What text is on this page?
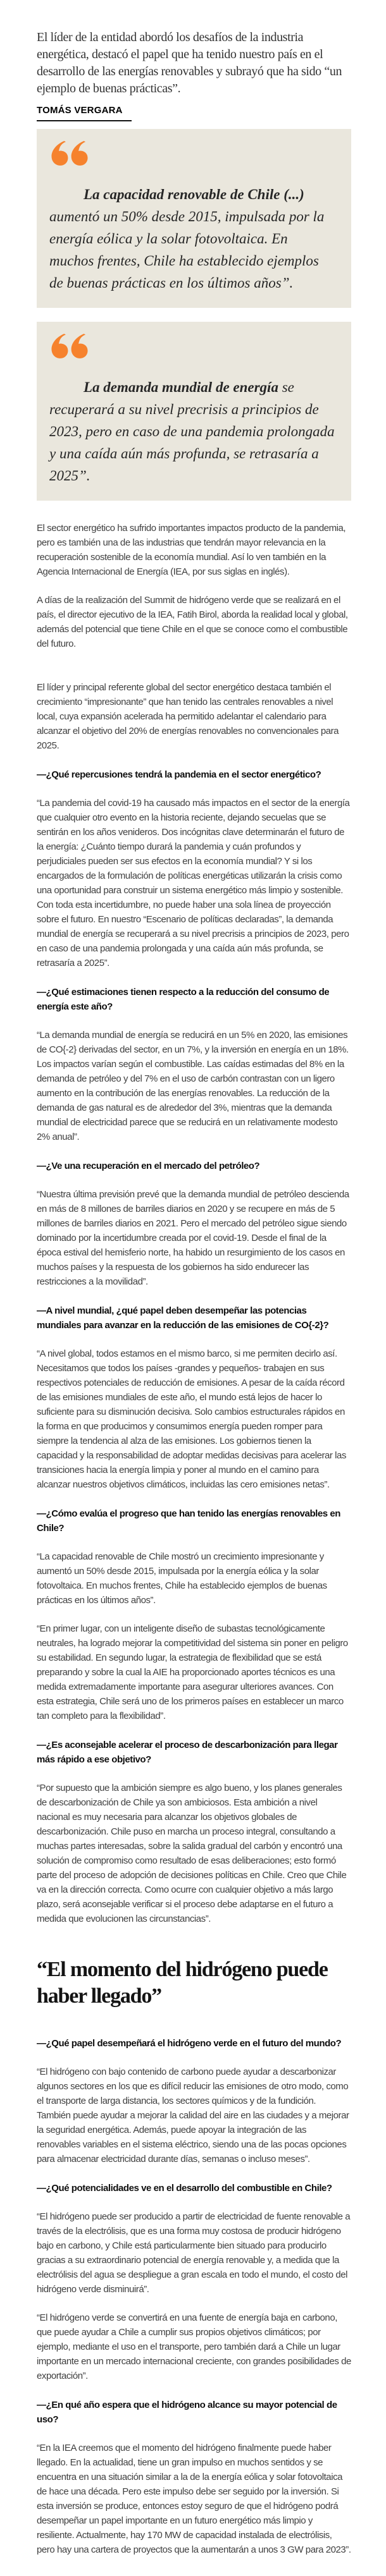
El líder de la entidad abordó los desafíos de la industria energética, destacó el papel que ha tenido nuestro país en el desarrollo de las energías renovables y subrayó que ha sido “un ejemplo de buenas prácticas”.

TOMÁS VERGARA

La capacidad renovable de Chile (...) aumentó un 50% desde 2015, impulsada por la energía eólica y la solar fotovoltaica. En muchos frentes, Chile ha establecido ejemplos de buenas prácticas en los últimos años”.

La demanda mundial de energía se recuperará a su nivel precrisis a principios de 2023, pero en caso de una pandemia prolongada y una caída aún más profunda, se retrasaría a 2025”.

El sector energético ha sufrido importantes impactos producto de la pandemia, pero es también una de las industrias que tendrán mayor relevancia en la recuperación sostenible de la economía mundial. Así lo ven también en la Agencia Internacional de Energía (IEA, por sus siglas en inglés).

A días de la realización del Summit de hidrógeno verde que se realizará en el país, el director ejecutivo de la IEA, Fatih Birol, aborda la realidad local y global, además del potencial que tiene Chile en el que se conoce como el combustible del futuro.

El líder y principal referente global del sector energético destaca también el crecimiento “impresionante” que han tenido las centrales renovables a nivel local, cuya expansión acelerada ha permitido adelantar el calendario para alcanzar el objetivo del 20% de energías renovables no convencionales para 2025.

—¿Qué repercusiones tendrá la pandemia en el sector energético?

“La pandemia del covid-19 ha causado más impactos en el sector de la energía que cualquier otro evento en la historia reciente, dejando secuelas que se sentirán en los años venideros. Dos incógnitas clave determinarán el futuro de la energía: ¿Cuánto tiempo durará la pandemia y cuán profundos y perjudiciales pueden ser sus efectos en la economía mundial? Y si los encargados de la formulación de políticas energéticas utilizarán la crisis como una oportunidad para construir un sistema energético más limpio y sostenible. Con toda esta incertidumbre, no puede haber una sola línea de proyección sobre el futuro. En nuestro “Escenario de políticas declaradas”, la demanda mundial de energía se recuperará a su nivel precrisis a principios de 2023, pero en caso de una pandemia prolongada y una caída aún más profunda, se retrasaría a 2025”.

—¿Qué estimaciones tienen respecto a la reducción del consumo de energía este año?

“La demanda mundial de energía se reducirá en un 5% en 2020, las emisiones de CO{-2} derivadas del sector, en un 7%, y la inversión en energía en un 18%. Los impactos varían según el combustible. Las caídas estimadas del 8% en la demanda de petróleo y del 7% en el uso de carbón contrastan con un ligero aumento en la contribución de las energías renovables. La reducción de la demanda de gas natural es de alrededor del 3%, mientras que la demanda mundial de electricidad parece que se reducirá en un relativamente modesto 2% anual”.

—¿Ve una recuperación en el mercado del petróleo?

“Nuestra última previsión prevé que la demanda mundial de petróleo descienda en más de 8 millones de barriles diarios en 2020 y se recupere en más de 5 millones de barriles diarios en 2021. Pero el mercado del petróleo sigue siendo dominado por la incertidumbre creada por el covid-19. Desde el final de la época estival del hemisferio norte, ha habido un resurgimiento de los casos en muchos países y la respuesta de los gobiernos ha sido endurecer las restricciones a la movilidad”.

—A nivel mundial, ¿qué papel deben desempeñar las potencias mundiales para avanzar en la reducción de las emisiones de CO{-2}?

“A nivel global, todos estamos en el mismo barco, si me permiten decirlo así. Necesitamos que todos los países -grandes y pequeños- trabajen en sus respectivos potenciales de reducción de emisiones. A pesar de la caída récord de las emisiones mundiales de este año, el mundo está lejos de hacer lo suficiente para su disminución decisiva. Solo cambios estructurales rápidos en la forma en que producimos y consumimos energía pueden romper para siempre la tendencia al alza de las emisiones. Los gobiernos tienen la capacidad y la responsabilidad de adoptar medidas decisivas para acelerar las transiciones hacia la energía limpia y poner al mundo en el camino para alcanzar nuestros objetivos climáticos, incluidas las cero emisiones netas”.

—¿Cómo evalúa el progreso que han tenido las energías renovables en Chile?

“La capacidad renovable de Chile mostró un crecimiento impresionante y aumentó un 50% desde 2015, impulsada por la energía eólica y la solar fotovoltaica. En muchos frentes, Chile ha establecido ejemplos de buenas prácticas en los últimos años”.

“En primer lugar, con un inteligente diseño de subastas tecnológicamente neutrales, ha logrado mejorar la competitividad del sistema sin poner en peligro su estabilidad. En segundo lugar, la estrategia de flexibilidad que se está preparando y sobre la cual la AIE ha proporcionado aportes técnicos es una medida extremadamente importante para asegurar ulteriores avances. Con esta estrategia, Chile será uno de los primeros países en establecer un marco tan completo para la flexibilidad”.

—¿Es aconsejable acelerar el proceso de descarbonización para llegar más rápido a ese objetivo?

“Por supuesto que la ambición siempre es algo bueno, y los planes generales de descarbonización de Chile ya son ambiciosos. Esta ambición a nivel nacional es muy necesaria para alcanzar los objetivos globales de descarbonización. Chile puso en marcha un proceso integral, consultando a muchas partes interesadas, sobre la salida gradual del carbón y encontró una solución de compromiso como resultado de esas deliberaciones; esto formó parte del proceso de adopción de decisiones políticas en Chile. Creo que Chile va en la dirección correcta. Como ocurre con cualquier objetivo a más largo plazo, será aconsejable verificar si el proceso debe adaptarse en el futuro a medida que evolucionen las circunstancias”.

“El momento del hidrógeno puede haber llegado”

—¿Qué papel desempeñará el hidrógeno verde en el futuro del mundo?

“El hidrógeno con bajo contenido de carbono puede ayudar a descarbonizar algunos sectores en los que es difícil reducir las emisiones de otro modo, como el transporte de larga distancia, los sectores químicos y de la fundición. También puede ayudar a mejorar la calidad del aire en las ciudades y a mejorar la seguridad energética. Además, puede apoyar la integración de las renovables variables en el sistema eléctrico, siendo una de las pocas opciones para almacenar electricidad durante días, semanas o incluso meses”.

—¿Qué potencialidades ve en el desarrollo del combustible en Chile?

“El hidrógeno puede ser producido a partir de electricidad de fuente renovable a través de la electrólisis, que es una forma muy costosa de producir hidrógeno bajo en carbono, y Chile está particularmente bien situado para producirlo gracias a su extraordinario potencial de energía renovable y, a medida que la electrólisis del agua se despliegue a gran escala en todo el mundo, el costo del hidrógeno verde disminuirá”.

“El hidrógeno verde se convertirá en una fuente de energía baja en carbono, que puede ayudar a Chile a cumplir sus propios objetivos climáticos; por ejemplo, mediante el uso en el transporte, pero también dará a Chile un lugar importante en un mercado internacional creciente, con grandes posibilidades de exportación”.

—¿En qué año espera que el hidrógeno alcance su mayor potencial de uso?

“En la IEA creemos que el momento del hidrógeno finalmente puede haber llegado. En la actualidad, tiene un gran impulso en muchos sentidos y se encuentra en una situación similar a la de la energía eólica y solar fotovoltaica de hace una década. Pero este impulso debe ser seguido por la inversión. Si esta inversión se produce, entonces estoy seguro de que el hidrógeno podrá desempeñar un papel importante en un futuro energético más limpio y resiliente. Actualmente, hay 170 MW de capacidad instalada de electrólisis, pero hay una cartera de proyectos que la aumentarán a unos 3 GW para 2023”.
